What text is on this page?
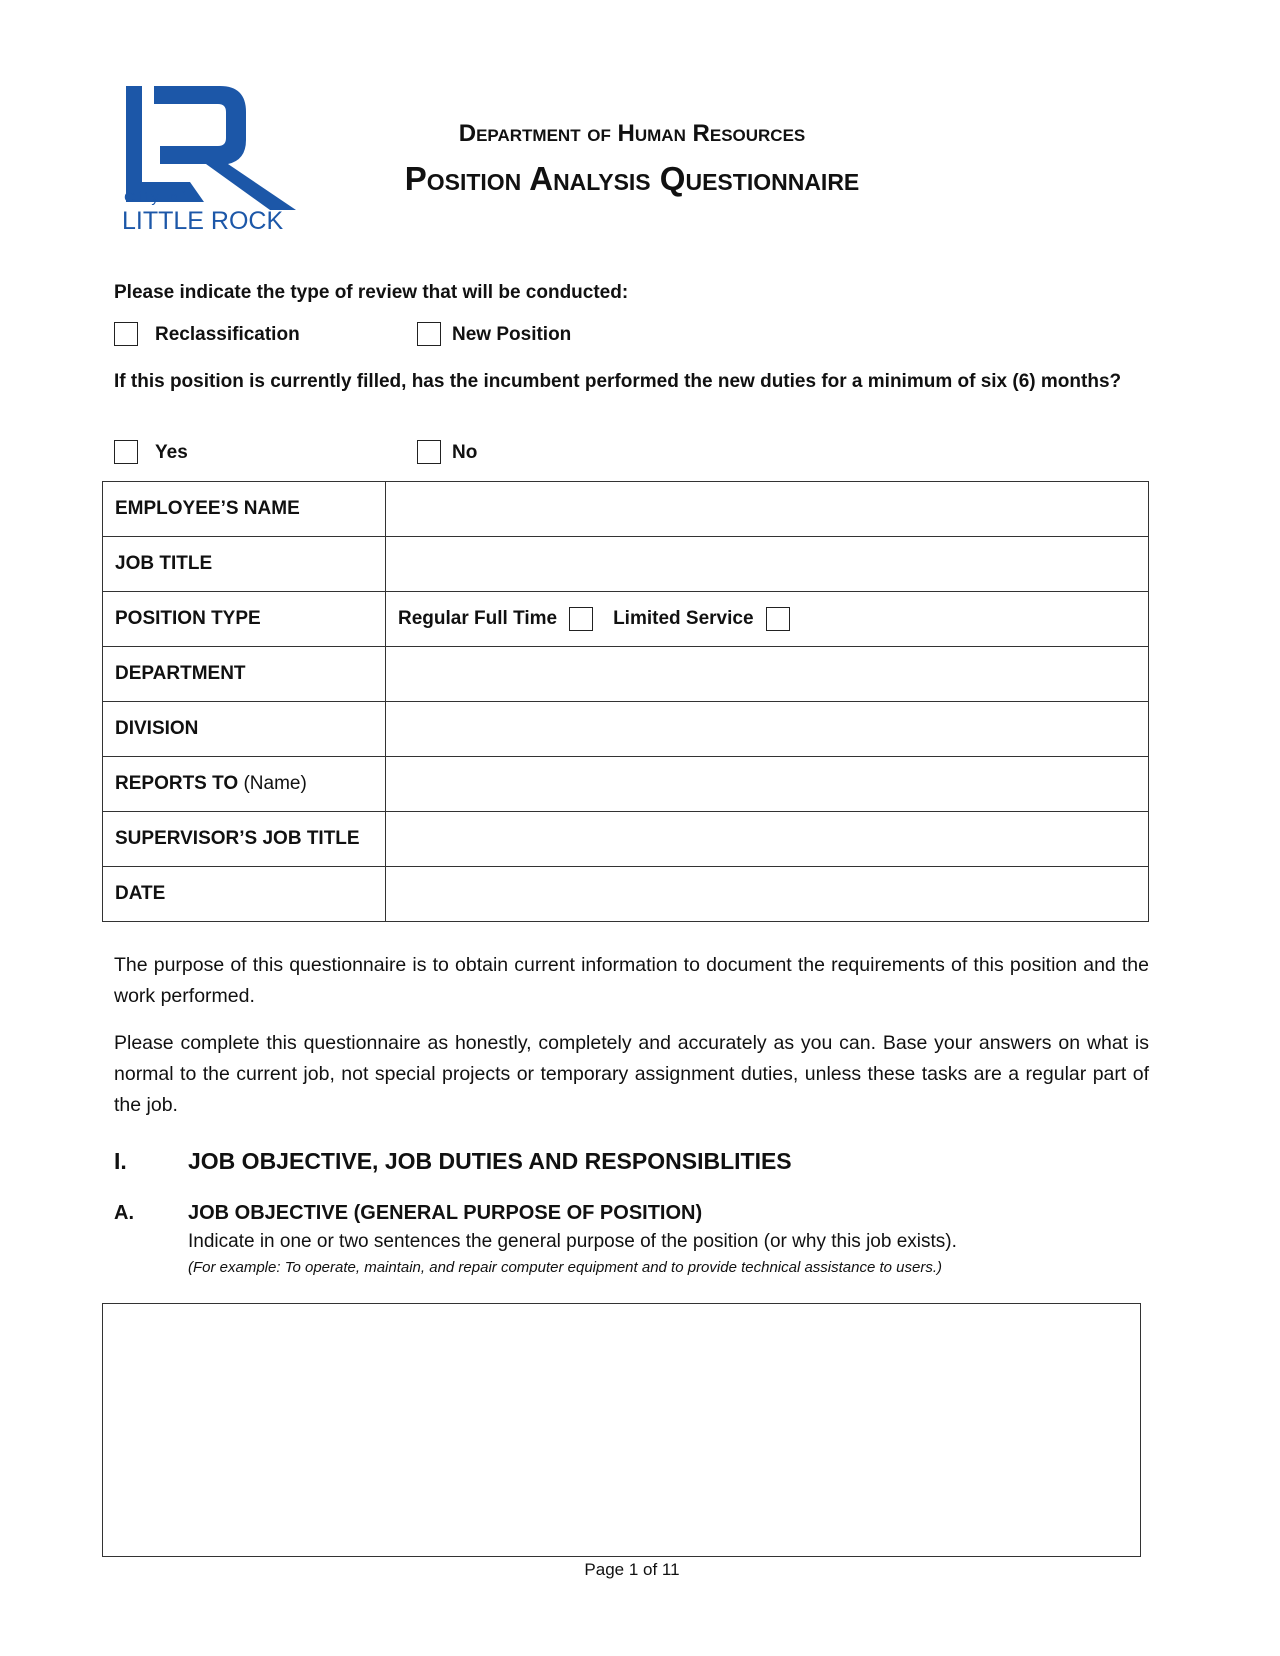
City of
LITTLE ROCK
Department of Human Resources
Position Analysis Questionnaire
Please indicate the type of review that will be conducted:
Reclassification	New Position
If this position is currently filled, has the incumbent performed the new duties for a minimum of six (6) months?
Yes	No
EMPLOYEE’S NAME	
JOB TITLE	
POSITION TYPE	Regular Full Time Limited Service
DEPARTMENT	
DIVISION	
REPORTS TO (Name)	
SUPERVISOR’S JOB TITLE	
DATE	
The purpose of this questionnaire is to obtain current information to document the requirements of this position and the work performed.
Please complete this questionnaire as honestly, completely and accurately as you can. Base your answers on what is normal to the current job, not special projects or temporary assignment duties, unless these tasks are a regular part of the job.
I.	JOB OBJECTIVE, JOB DUTIES AND RESPONSIBLITIES
A.	JOB OBJECTIVE (GENERAL PURPOSE OF POSITION)
Indicate in one or two sentences the general purpose of the position (or why this job exists).
(For example: To operate, maintain, and repair computer equipment and to provide technical assistance to users.)
Page 1 of 11
